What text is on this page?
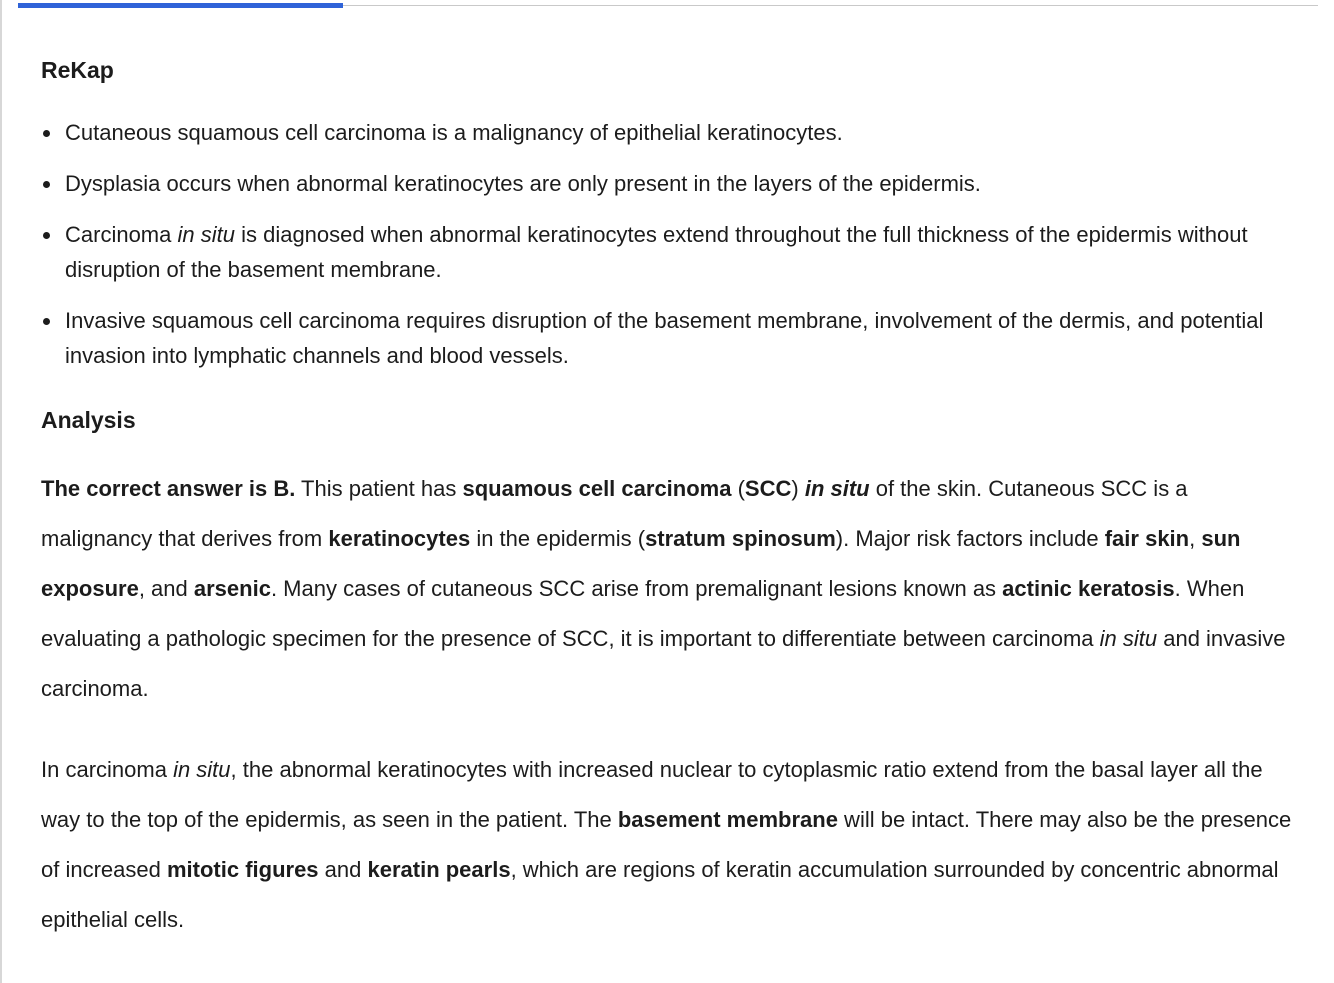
ReKap
Cutaneous squamous cell carcinoma is a malignancy of epithelial keratinocytes.
Dysplasia occurs when abnormal keratinocytes are only present in the layers of the epidermis.
Carcinoma in situ is diagnosed when abnormal keratinocytes extend throughout the full thickness of the epidermis without disruption of the basement membrane.
Invasive squamous cell carcinoma requires disruption of the basement membrane, involvement of the dermis, and potential invasion into lymphatic channels and blood vessels.
Analysis

The correct answer is B. This patient has squamous cell carcinoma (SCC) in situ of the skin. Cutaneous SCC is a malignancy that derives from keratinocytes in the epidermis (stratum spinosum). Major risk factors include fair skin, sun exposure, and arsenic. Many cases of cutaneous SCC arise from premalignant lesions known as actinic keratosis. When evaluating a pathologic specimen for the presence of SCC, it is important to differentiate between carcinoma in situ and invasive carcinoma.

In carcinoma in situ, the abnormal keratinocytes with increased nuclear to cytoplasmic ratio extend from the basal layer all the way to the top of the epidermis, as seen in the patient. The basement membrane will be intact. There may also be the presence of increased mitotic figures and keratin pearls, which are regions of keratin accumulation surrounded by concentric abnormal epithelial cells.
